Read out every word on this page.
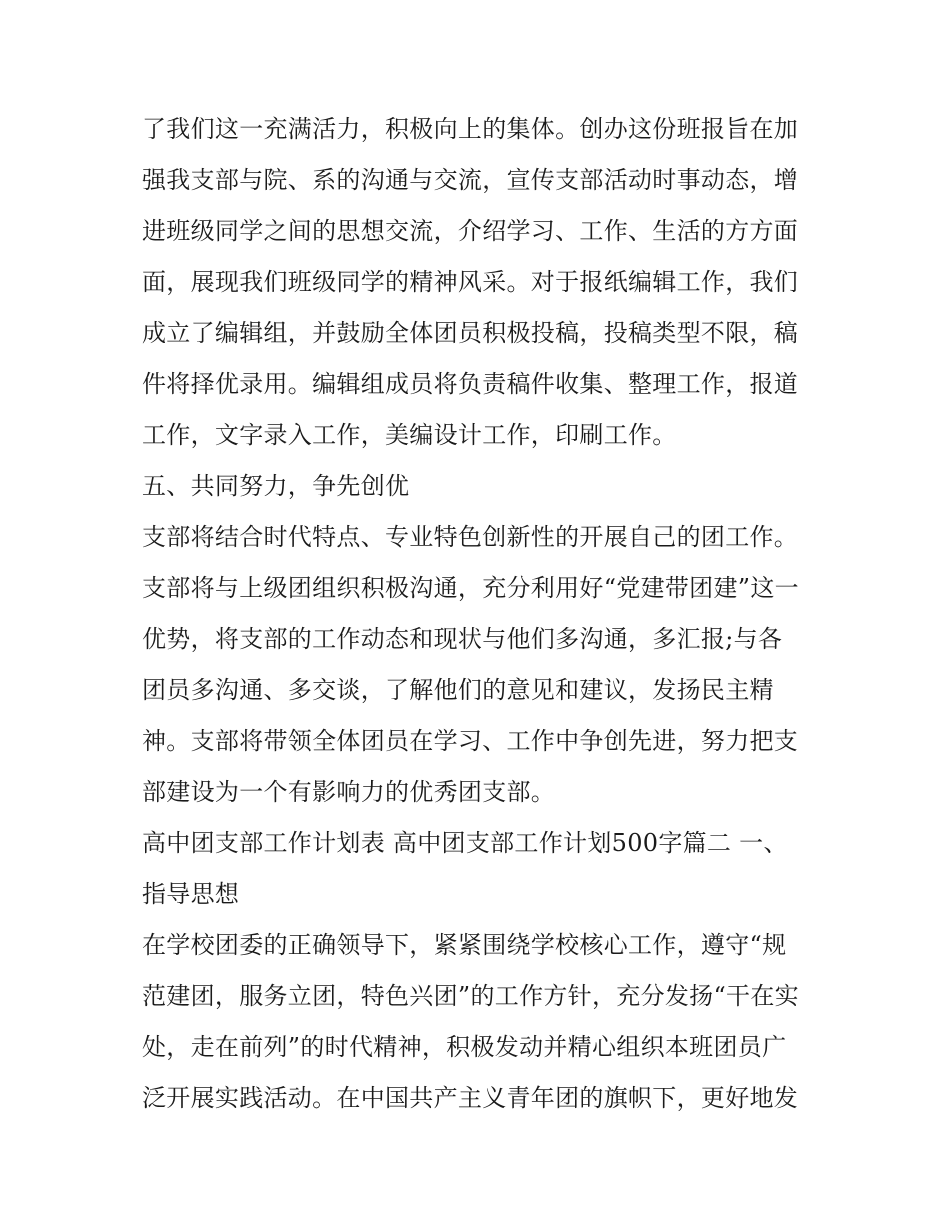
了我们这一充满活力，积极向上的集体。创办这份班报旨在加
强我支部与院、系的沟通与交流，宣传支部活动时事动态，增
进班级同学之间的思想交流，介绍学习、工作、生活的方方面
面，展现我们班级同学的精神风采。对于报纸编辑工作，我们
成立了编辑组，并鼓励全体团员积极投稿，投稿类型不限，稿
件将择优录用。编辑组成员将负责稿件收集、整理工作，报道
工作，文字录入工作，美编设计工作，印刷工作。
五、共同努力，争先创优
支部将结合时代特点、专业特色创新性的开展自己的团工作。
支部将与上级团组织积极沟通，充分利用好“党建带团建”这一
优势，将支部的工作动态和现状与他们多沟通，多汇报;与各
团员多沟通、多交谈，了解他们的意见和建议，发扬民主精
神。支部将带领全体团员在学习、工作中争创先进，努力把支
部建设为一个有影响力的优秀团支部。
高中团支部工作计划表 高中团支部工作计划500字篇二 一、
指导思想
在学校团委的正确领导下，紧紧围绕学校核心工作，遵守“规
范建团，服务立团，特色兴团”的工作方针，充分发扬“干在实
处，走在前列”的时代精神，积极发动并精心组织本班团员广
泛开展实践活动。在中国共产主义青年团的旗帜下，更好地发
